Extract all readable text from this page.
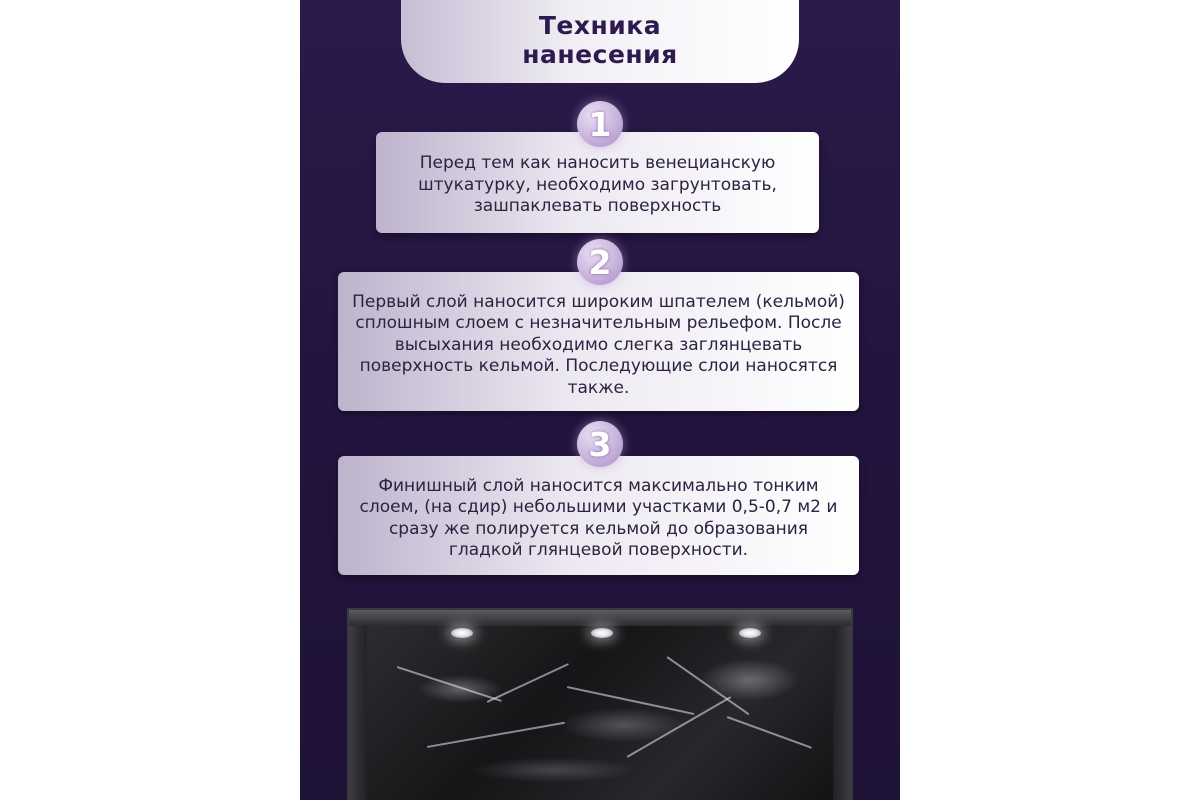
Техника
нанесения
1
Перед тем как наносить венецианскую штукатурку, необходимо загрунтовать, зашпаклевать поверхность
2
Первый слой наносится широким шпателем (кельмой) сплошным слоем с незначительным рельефом. После высыхания необходимо слегка заглянцевать поверхность кельмой. Последующие слои наносятся также.
3
Финишный слой наносится максимально тонким слоем, (на сдир) небольшими участками 0,5-0,7 м2 и сразу же полируется кельмой до образования гладкой глянцевой поверхности.
